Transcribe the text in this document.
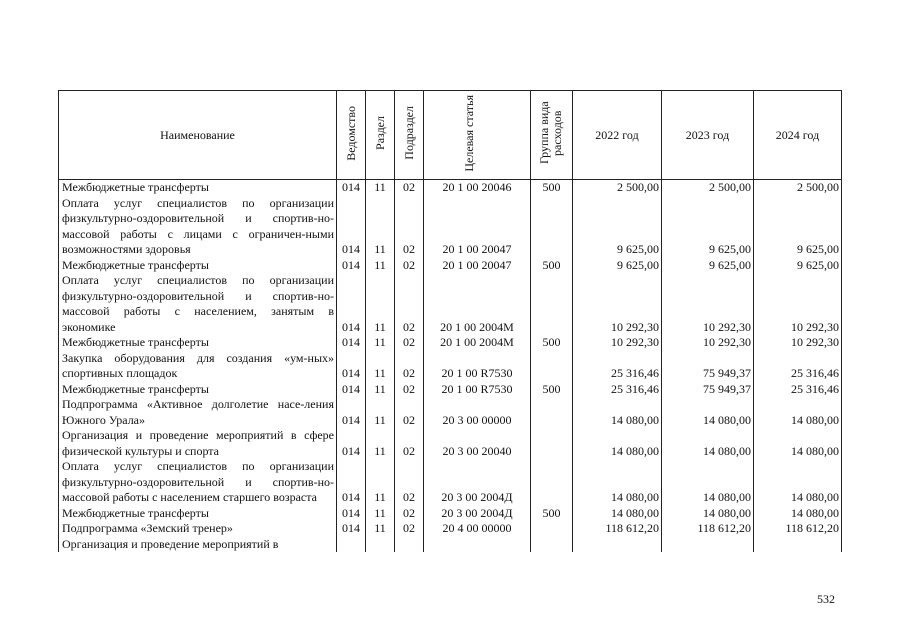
Наименование	Ведомство	Раздел	Подраздел	Целевая статья	Группа вида расходов	2022 год	2023 год	2024 год
Межбюджетные трансферты	014	11	02	20 1 00 20046	500	2 500,00	2 500,00	2 500,00
Оплата услуг специалистов по организации физкультурно-оздоровительной и спортив-но-массовой работы с лицами с ограничен-ными возможностями здоровья	014	11	02	20 1 00 20047		9 625,00	9 625,00	9 625,00
Межбюджетные трансферты	014	11	02	20 1 00 20047	500	9 625,00	9 625,00	9 625,00
Оплата услуг специалистов по организации физкультурно-оздоровительной и спортив-но-массовой работы с населением, занятым в экономике	014	11	02	20 1 00 2004М		10 292,30	10 292,30	10 292,30
Межбюджетные трансферты	014	11	02	20 1 00 2004М	500	10 292,30	10 292,30	10 292,30
Закупка оборудования для создания «ум-ных» спортивных площадок	014	11	02	20 1 00 R7530		25 316,46	75 949,37	25 316,46
Межбюджетные трансферты	014	11	02	20 1 00 R7530	500	25 316,46	75 949,37	25 316,46
Подпрограмма «Активное долголетие насе-ления Южного Урала»	014	11	02	20 3 00 00000		14 080,00	14 080,00	14 080,00
Организация и проведение мероприятий в сфере физической культуры и спорта	014	11	02	20 3 00 20040		14 080,00	14 080,00	14 080,00
Оплата услуг специалистов по организации физкультурно-оздоровительной и спортив-но-массовой работы с населением старшего возраста	014	11	02	20 3 00 2004Д		14 080,00	14 080,00	14 080,00
Межбюджетные трансферты	014	11	02	20 3 00 2004Д	500	14 080,00	14 080,00	14 080,00
Подпрограмма «Земский тренер»	014	11	02	20 4 00 00000		118 612,20	118 612,20	118 612,20
Организация и проведение мероприятий в								
532
